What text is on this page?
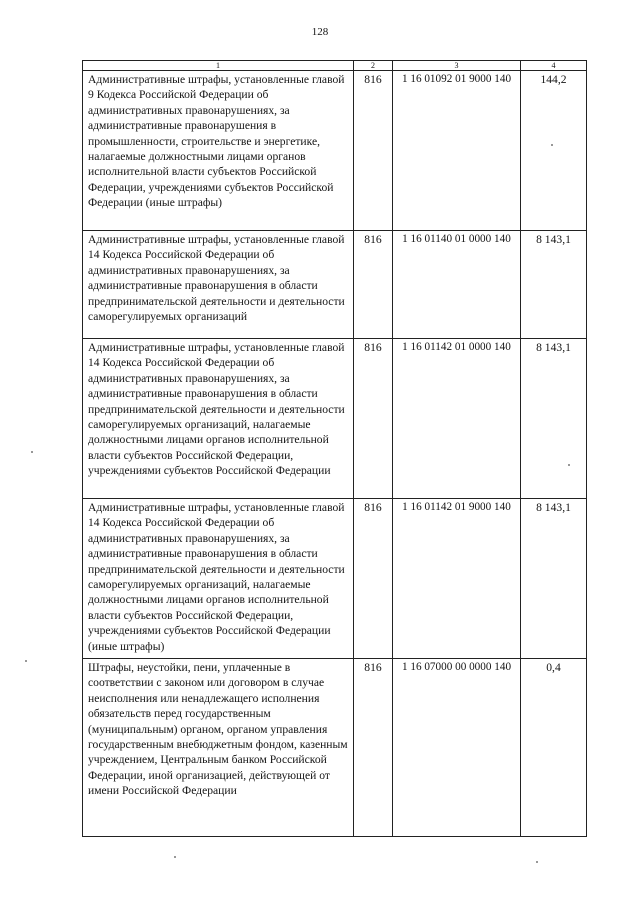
128
1	2	3	4
Административные штрафы, установленные главой 9 Кодекса Российской Федерации об административных правонарушениях, за административные правонарушения в промышленности, строительстве и энергетике, налагаемые должностными лицами органов исполнительной власти субъектов Российской Федерации, учреждениями субъектов Российской Федерации (иные штрафы)	816	1 16 01092 01 9000 140	144,2
Административные штрафы, установленные главой 14 Кодекса Российской Федерации об административных правонарушениях, за административные правонарушения в области предпринимательской деятельности и деятельности саморегулируемых организаций	816	1 16 01140 01 0000 140	8 143,1
Административные штрафы, установленные главой 14 Кодекса Российской Федерации об административных правонарушениях, за административные правонарушения в области предпринимательской деятельности и деятельности саморегулируемых организаций, налагаемые должностными лицами органов исполнительной власти субъектов Российской Федерации, учреждениями субъектов Российской Федерации	816	1 16 01142 01 0000 140	8 143,1
Административные штрафы, установленные главой 14 Кодекса Российской Федерации об административных правонарушениях, за административные правонарушения в области предпринимательской деятельности и деятельности саморегулируемых организаций, налагаемые должностными лицами органов исполнительной власти субъектов Российской Федерации, учреждениями субъектов Российской Федерации (иные штрафы)	816	1 16 01142 01 9000 140	8 143,1
Штрафы, неустойки, пени, уплаченные в соответствии с законом или договором в случае неисполнения или ненадлежащего исполнения обязательств перед государственным (муниципальным) органом, органом управления государственным внебюджетным фондом, казенным учреждением, Центральным банком Российской Федерации, иной организацией, действующей от имени Российской Федерации	816	1 16 07000 00 0000 140	0,4
